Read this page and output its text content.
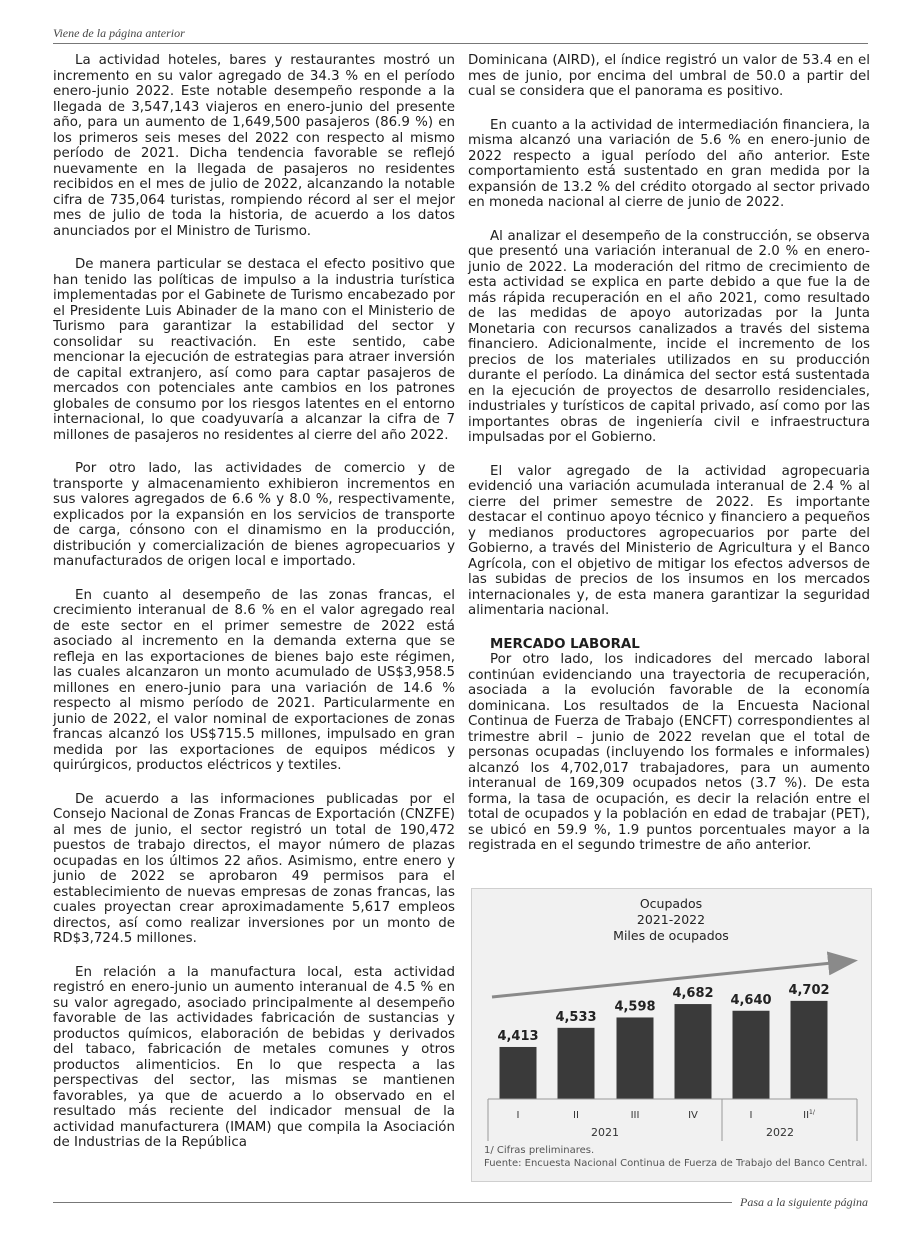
Viene de la página anterior

La actividad hoteles, bares y restaurantes mostró un incremento en su valor agregado de 34.3 % en el período enero-junio 2022. Este notable desempeño responde a la llegada de 3,547,143 viajeros en enero-junio del presente año, para un aumento de 1,649,500 pasajeros (86.9 %) en los primeros seis meses del 2022 con respecto al mismo período de 2021. Dicha tendencia favorable se reflejó nuevamente en la llegada de pasajeros no residentes recibidos en el mes de julio de 2022, alcanzando la notable cifra de 735,064 turistas, rompiendo récord al ser el mejor mes de julio de toda la historia, de acuerdo a los datos anunciados por el Ministro de Turismo.

De manera particular se destaca el efecto positivo que han tenido las políticas de impulso a la industria turística implementadas por el Gabinete de Turismo encabezado por el Presidente Luis Abinader de la mano con el Ministerio de Turismo para garantizar la estabilidad del sector y consolidar su reactivación. En este sentido, cabe mencionar la ejecución de estrategias para atraer inversión de capital extranjero, así como para captar pasajeros de mercados con potenciales ante cambios en los patrones globales de consumo por los riesgos latentes en el entorno internacional, lo que coadyuvaría a alcanzar la cifra de 7 millones de pasajeros no residentes al cierre del año 2022.

Por otro lado, las actividades de comercio y de transporte y almacenamiento exhibieron incrementos en sus valores agregados de 6.6 % y 8.0 %, respectivamente, explicados por la expansión en los servicios de transporte de carga, cónsono con el dinamismo en la producción, distribución y comercialización de bienes agropecuarios y manufacturados de origen local e importado.

En cuanto al desempeño de las zonas francas, el crecimiento interanual de 8.6 % en el valor agregado real de este sector en el primer semestre de 2022 está asociado al incremento en la demanda externa que se refleja en las exportaciones de bienes bajo este régimen, las cuales alcanzaron un monto acumulado de US$3,958.5 millones en enero-junio para una variación de 14.6 % respecto al mismo período de 2021. Particularmente en junio de 2022, el valor nominal de exportaciones de zonas francas alcanzó los US$715.5 millones, impulsado en gran medida por las exportaciones de equipos médicos y quirúrgicos, productos eléctricos y textiles.

De acuerdo a las informaciones publicadas por el Consejo Nacional de Zonas Francas de Exportación (CNZFE) al mes de junio, el sector registró un total de 190,472 puestos de trabajo directos, el mayor número de plazas ocupadas en los últimos 22 años. Asimismo, entre enero y junio de 2022 se aprobaron 49 permisos para el establecimiento de nuevas empresas de zonas francas, las cuales proyectan crear aproximadamente 5,617 empleos directos, así como realizar inversiones por un monto de RD$3,724.5 millones.

En relación a la manufactura local, esta actividad registró en enero-junio un aumento interanual de 4.5 % en su valor agregado, asociado principalmente al desempeño favorable de las actividades fabricación de sustancias y productos químicos, elaboración de bebidas y derivados del tabaco, fabricación de metales comunes y otros productos alimenticios. En lo que respecta a las perspectivas del sector, las mismas se mantienen favorables, ya que de acuerdo a lo observado en el resultado más reciente del indicador mensual de la actividad manufacturera (IMAM) que compila la Asociación de Industrias de la República

Dominicana (AIRD), el índice registró un valor de 53.4 en el mes de junio, por encima del umbral de 50.0 a partir del cual se considera que el panorama es positivo.

En cuanto a la actividad de intermediación financiera, la misma alcanzó una variación de 5.6 % en enero-junio de 2022 respecto a igual período del año anterior. Este comportamiento está sustentado en gran medida por la expansión de 13.2 % del crédito otorgado al sector privado en moneda nacional al cierre de junio de 2022.

Al analizar el desempeño de la construcción, se observa que presentó una variación interanual de 2.0 % en enero-junio de 2022. La moderación del ritmo de crecimiento de esta actividad se explica en parte debido a que fue la de más rápida recuperación en el año 2021, como resultado de las medidas de apoyo autorizadas por la Junta Monetaria con recursos canalizados a través del sistema financiero. Adicionalmente, incide el incremento de los precios de los materiales utilizados en su producción durante el período. La dinámica del sector está sustentada en la ejecución de proyectos de desarrollo residenciales, industriales y turísticos de capital privado, así como por las importantes obras de ingeniería civil e infraestructura impulsadas por el Gobierno.

El valor agregado de la actividad agropecuaria evidenció una variación acumulada interanual de 2.4 % al cierre del primer semestre de 2022. Es importante destacar el continuo apoyo técnico y financiero a pequeños y medianos productores agropecuarios por parte del Gobierno, a través del Ministerio de Agricultura y el Banco Agrícola, con el objetivo de mitigar los efectos adversos de las subidas de precios de los insumos en los mercados internacionales y, de esta manera garantizar la seguridad alimentaria nacional.

MERCADO LABORAL

Por otro lado, los indicadores del mercado laboral continúan evidenciando una trayectoria de recuperación, asociada a la evolución favorable de la economía dominicana. Los resultados de la Encuesta Nacional Continua de Fuerza de Trabajo (ENCFT) correspondientes al trimestre abril – junio de 2022 revelan que el total de personas ocupadas (incluyendo los formales e informales) alcanzó los 4,702,017 trabajadores, para un aumento interanual de 169,309 ocupados netos (3.7 %). De esta forma, la tasa de ocupación, es decir la relación entre el total de ocupados y la población en edad de trabajar (PET), se ubicó en 59.9 %, 1.9 puntos porcentuales mayor a la registrada en el segundo trimestre de año anterior.

Ocupados
2021-2022
Miles de ocupados
4,413
I
4,533
II
4,598
III
4,682
IV
4,640
I
4,702
$II^{1/}$
2021	2022
1/ Cifras preliminares.
Fuente: Encuesta Nacional Continua de Fuerza de Trabajo del Banco Central.
Pasa a la siguiente página
